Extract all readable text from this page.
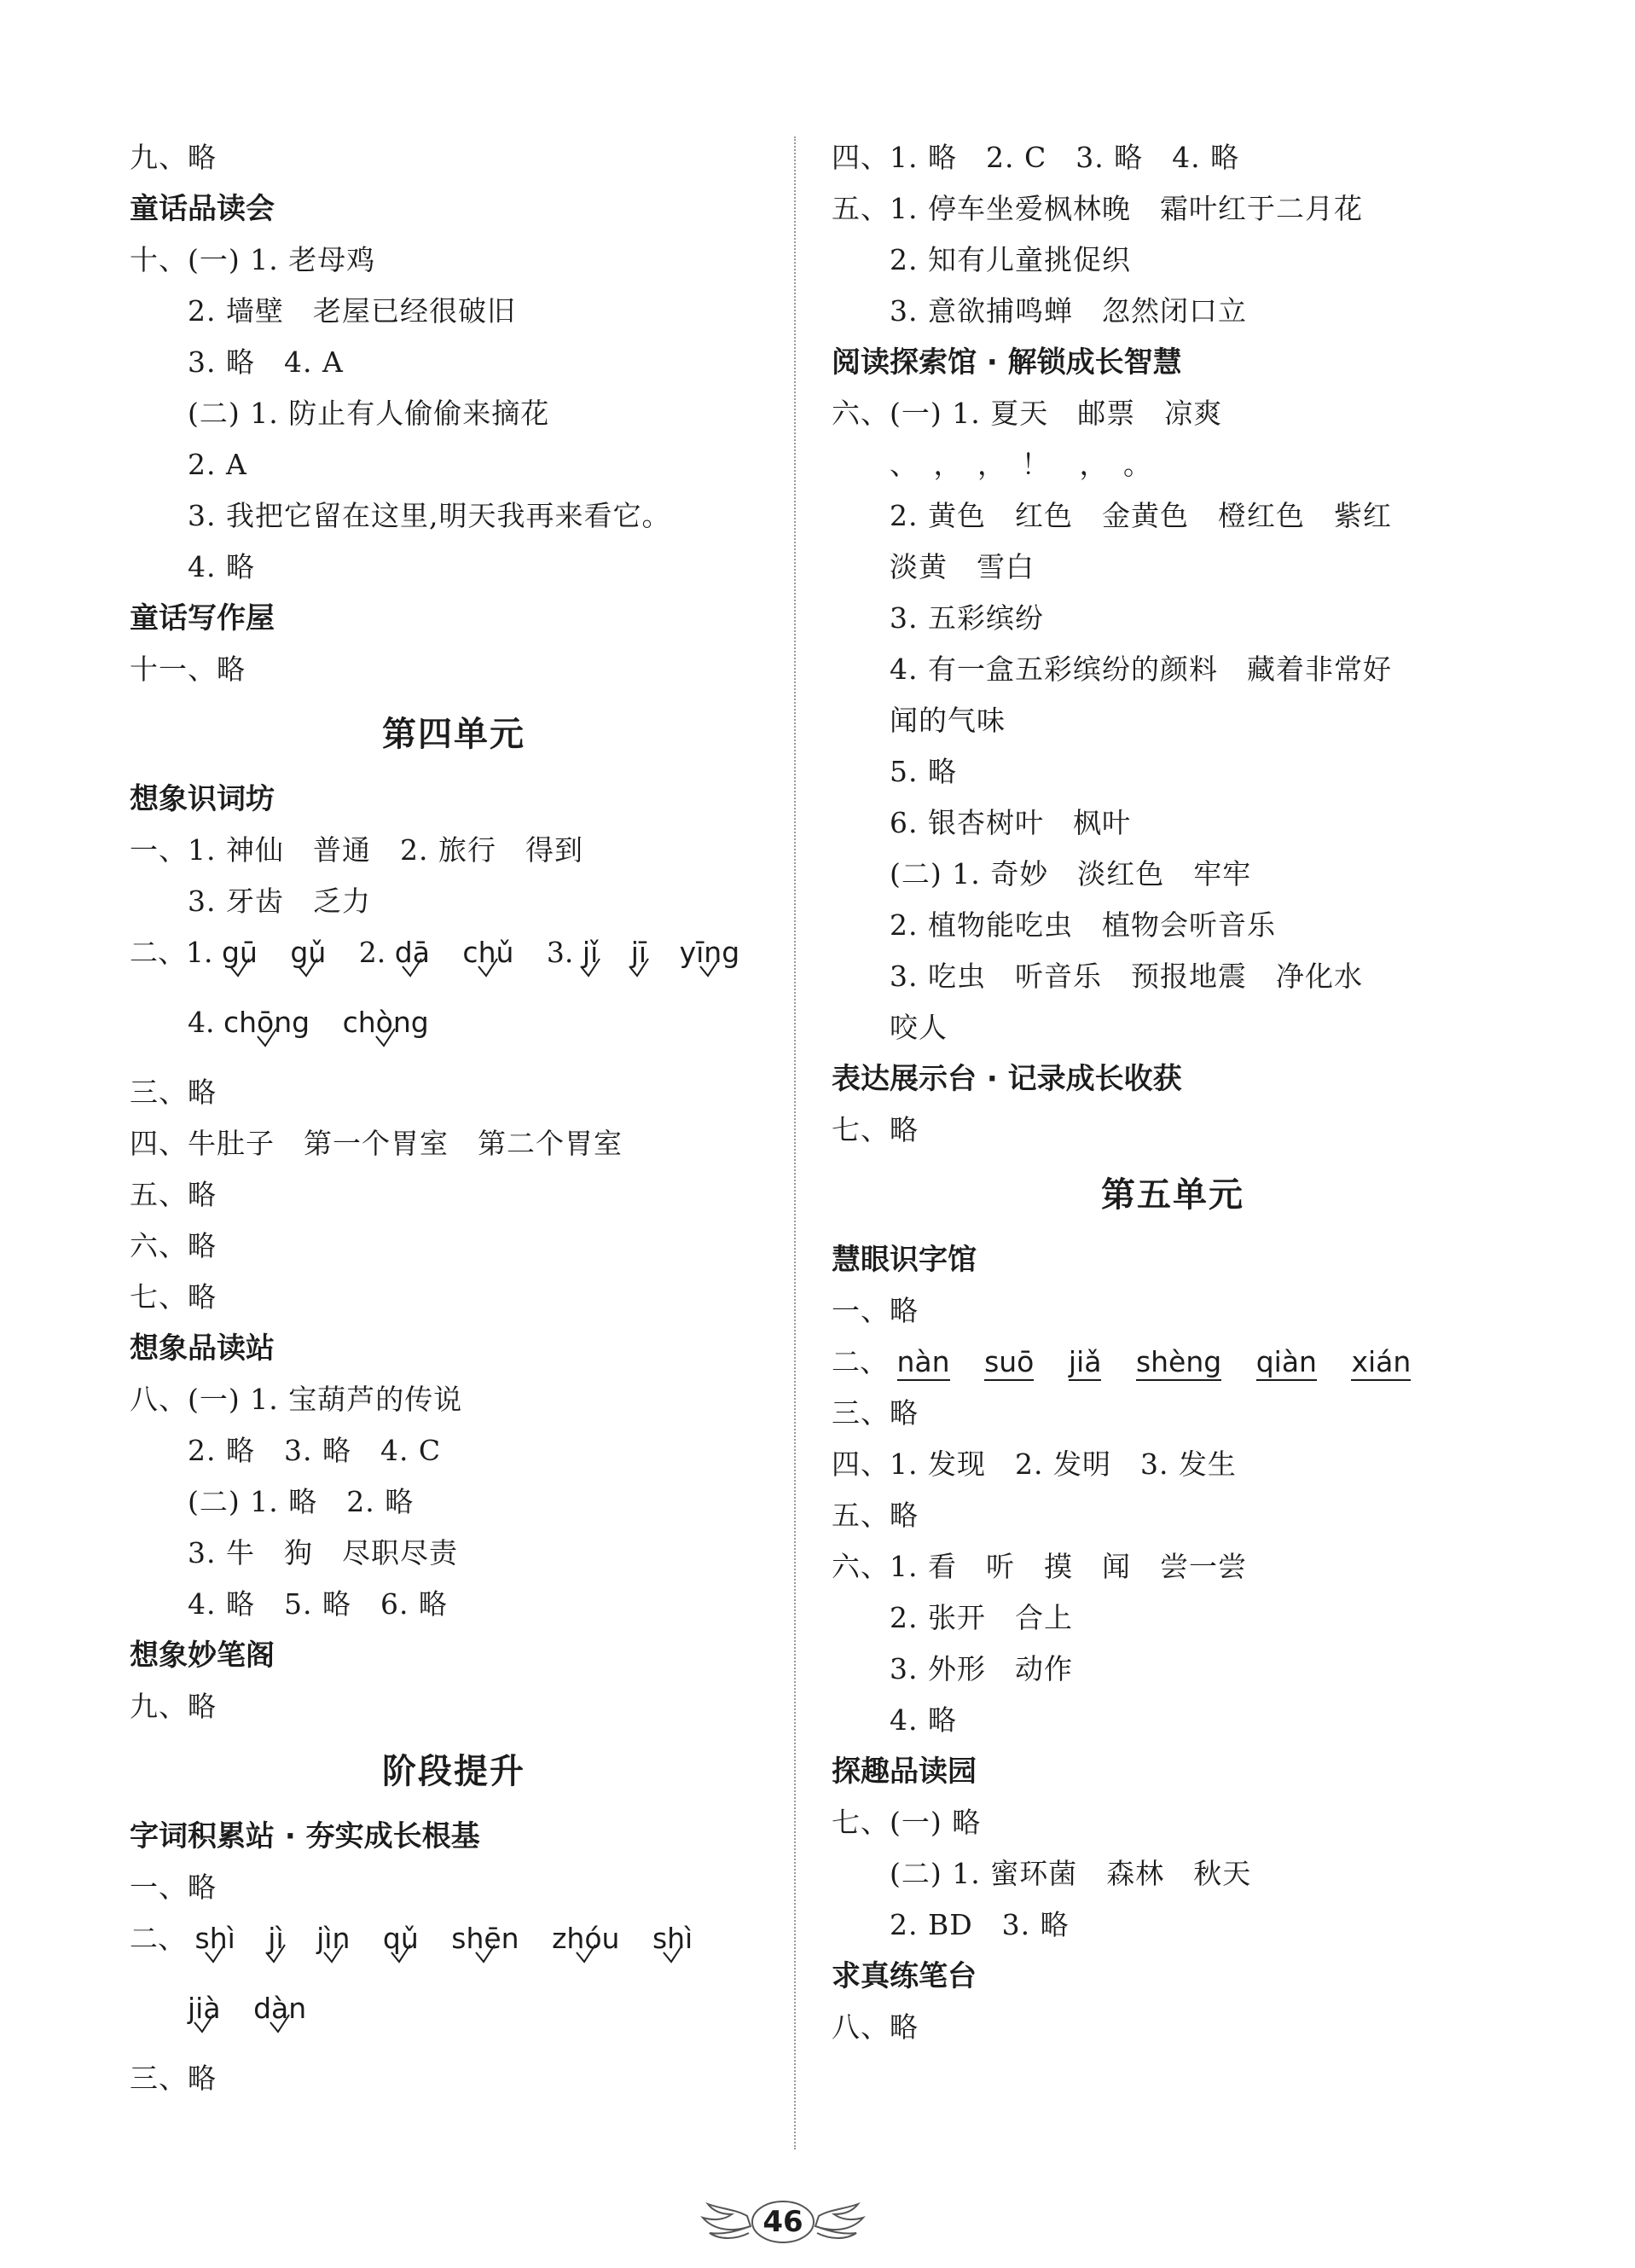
九、略
童话品读会
十、(一) 1. 老母鸡
2. 墙壁　老屋已经很破旧
3. 略　4. A
(二) 1. 防止有人偷偷来摘花
2. A
3. 我把它留在这里,明天我再来看它。
4. 略
童话写作屋
十一、略
第四单元
想象识词坊
一、1. 神仙　普通　2. 旅行　得到
3. 牙齿　乏力
二、1. gū gǔ 2. dā chǔ 3. jǐ jī yīng
4. chōng chòng
三、略
四、牛肚子　第一个胃室　第二个胃室
五、略
六、略
七、略
想象品读站
八、(一) 1. 宝葫芦的传说
2. 略　3. 略　4. C
(二) 1. 略　2. 略
3. 牛　狗　尽职尽责
4. 略　5. 略　6. 略
想象妙笔阁
九、略
阶段提升
字词积累站 · 夯实成长根基
一、略
二、 shì jì jìn qǔ shēn zhóu shì
jià dàn
三、略
四、1. 略　2. C　3. 略　4. 略
五、1. 停车坐爱枫林晚　霜叶红于二月花
2. 知有儿童挑促织
3. 意欲捕鸣蝉　忽然闭口立
阅读探索馆 · 解锁成长智慧
六、(一) 1. 夏天　邮票　凉爽
、　，　，　！　，　。
2. 黄色　红色　金黄色　橙红色　紫红
淡黄　雪白
3. 五彩缤纷
4. 有一盒五彩缤纷的颜料　藏着非常好
闻的气味
5. 略
6. 银杏树叶　枫叶
(二) 1. 奇妙　淡红色　牢牢
2. 植物能吃虫　植物会听音乐
3. 吃虫　听音乐　预报地震　净化水
咬人
表达展示台 · 记录成长收获
七、略
第五单元
慧眼识字馆
一、略
二、 nàn suō jiǎ shèng qiàn xián
三、略
四、1. 发现　2. 发明　3. 发生
五、略
六、1. 看　听　摸　闻　尝一尝
2. 张开　合上
3. 外形　动作
4. 略
探趣品读园
七、(一) 略
(二) 1. 蜜环菌　森林　秋天
2. BD　3. 略
求真练笔台
八、略
46
